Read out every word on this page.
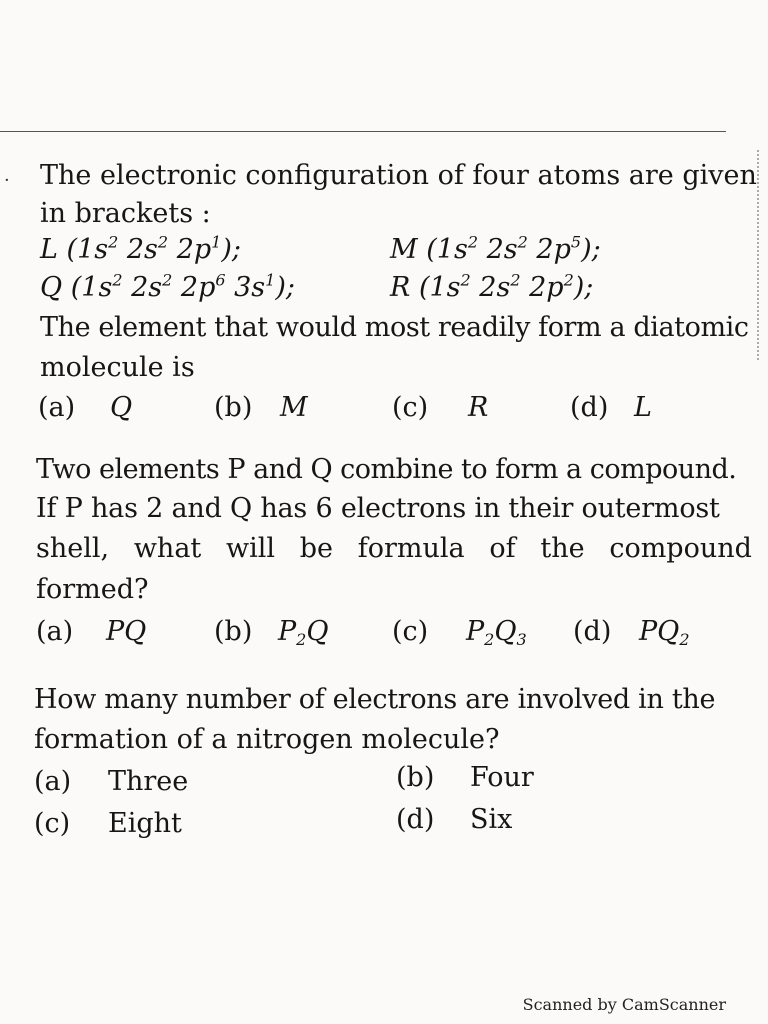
· The electronic configuration of four atoms are given
in brackets :
L ($1s^2$ $2s^2$ $2p^1$);	M ($1s^2$ $2s^2$ $2p^5$);
Q ($1s^2$ $2s^2$ $2p^6$ $3s^1$);	R ($1s^2$ $2s^2$ $2p^2$);
The element that would most readily form a diatomic
molecule is
(a) Q	(b) M	(c) R	(d) L
Two elements P and Q combine to form a compound.
If P has 2 and Q has 6 electrons in their outermost
shell, what will be formula of the compound
formed?
(a) PQ	(b) $P_2Q$ (c) $P_2Q_3$ (d) $PQ_2$
How many number of electrons are involved in the
formation of a nitrogen molecule?
(a) Three	(b) Four
(c) Eight	(d) Six
Scanned by CamScanner
